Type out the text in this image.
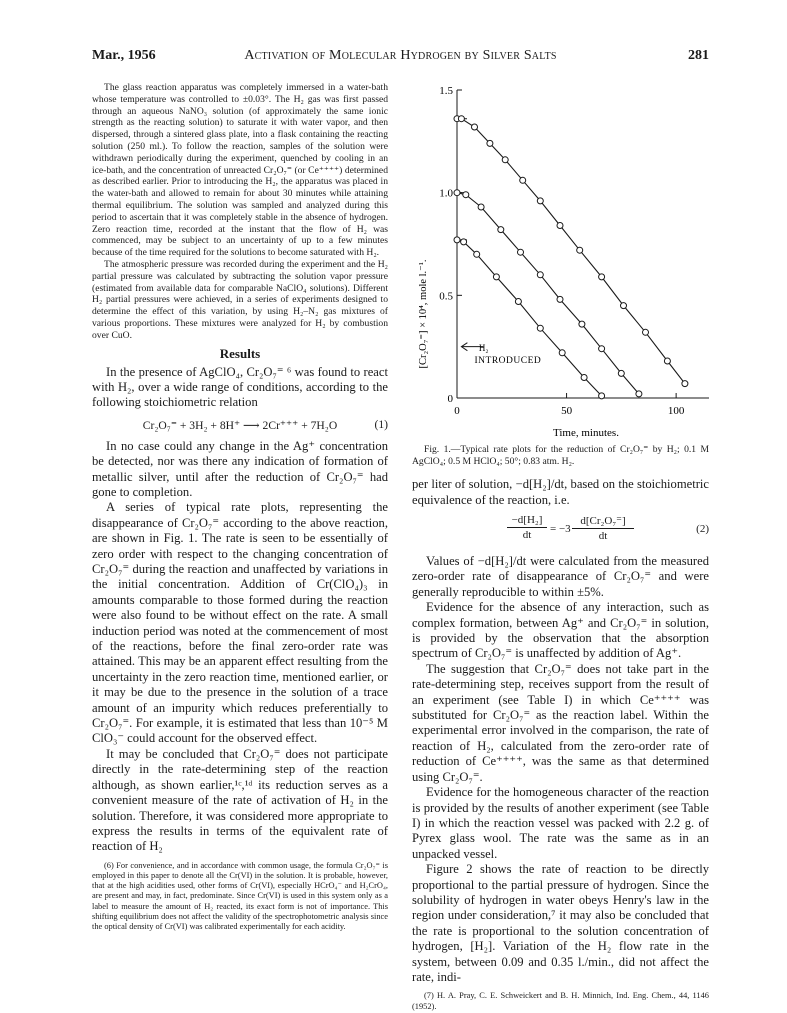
Mar., 1956	Activation of Molecular Hydrogen by Silver Salts	281

The glass reaction apparatus was completely immersed in a water-bath whose temperature was controlled to ±0.03°. The H₂ gas was first passed through an aqueous NaNO₃ solution (of approximately the same ionic strength as the reacting solution) to saturate it with water vapor, and then dispersed, through a sintered glass plate, into a flask containing the reacting solution (250 ml.). To follow the reaction, samples of the solution were withdrawn periodically during the experiment, quenched by cooling in an ice-bath, and the concentration of unreacted Cr₂O₇⁼ (or Ce⁺⁺⁺⁺) determined as described earlier. Prior to introducing the H₂, the apparatus was placed in the water-bath and allowed to remain for about 30 minutes while attaining thermal equilibrium. The solution was sampled and analyzed during this period to ascertain that it was completely stable in the absence of hydrogen. Zero reaction time, recorded at the instant that the flow of H₂ was commenced, may be subject to an uncertainty of up to a few minutes because of the time required for the solutions to become saturated with H₂.

The atmospheric pressure was recorded during the experiment and the H₂ partial pressure was calculated by subtracting the solution vapor pressure (estimated from available data for comparable NaClO₄ solutions). Different H₂ partial pressures were achieved, in a series of experiments designed to determine the effect of this variation, by using H₂–N₂ gas mixtures of various proportions. These mixtures were analyzed for H₂ by combustion over CuO.

Results

In the presence of AgClO₄, Cr₂O₇⁼ ⁶ was found to react with H₂, over a wide range of conditions, according to the following stoichiometric relation

Cr₂O₇⁼ + 3H₂ + 8H⁺ ⟶ 2Cr⁺⁺⁺ + 7H₂O	(1)

In no case could any change in the Ag⁺ concentration be detected, nor was there any indication of formation of metallic silver, until after the reduction of Cr₂O₇⁼ had gone to completion.

A series of typical rate plots, representing the disappearance of Cr₂O₇⁼ according to the above reaction, are shown in Fig. 1. The rate is seen to be essentially of zero order with respect to the changing concentration of Cr₂O₇⁼ during the reaction and unaffected by variations in the initial concentration. Addition of Cr(ClO₄)₃ in amounts comparable to those formed during the reaction were also found to be without effect on the rate. A small induction period was noted at the commencement of most of the reactions, before the final zero-order rate was attained. This may be an apparent effect resulting from the uncertainty in the zero reaction time, mentioned earlier, or it may be due to the presence in the solution of a trace amount of an impurity which reduces preferentially to Cr₂O₇⁼. For example, it is estimated that less than 10⁻⁵ M ClO₃⁻ could account for the observed effect.

It may be concluded that Cr₂O₇⁼ does not participate directly in the rate-determining step of the reaction although, as shown earlier,¹ᶜ,¹ᵈ its reduction serves as a convenient measure of the rate of activation of H₂ in the solution. Therefore, it was considered more appropriate to express the results in terms of the equivalent rate of reaction of H₂

(6) For convenience, and in accordance with common usage, the formula Cr₂O₇⁼ is employed in this paper to denote all the Cr(VI) in the solution. It is probable, however, that at the high acidities used, other forms of Cr(VI), especially HCrO₄⁻ and H₂CrO₄, are present and may, in fact, predominate. Since Cr(VI) is used in this system only as a label to measure the amount of H₂ reacted, its exact form is not of importance. This shifting equilibrium does not affect the validity of the spectrophotometric analysis since the optical density of Cr(VI) was calibrated experimentally for each acidity.

0
0.5
1.0
1.5
0	50	100
H₂
INTRODUCED
[Cr₂O₇⁼] × 10⁴, mole l.⁻¹.
Time, minutes.

Fig. 1.—Typical rate plots for the reduction of Cr₂O₇⁼ by H₂; 0.1 M AgClO₄; 0.5 M HClO₄; 50°; 0.83 atm. H₂.

per liter of solution, −d[H₂]/dt, based on the stoichiometric equivalence of the reaction, i.e.

$\frac{\text{−d[H₂]}}{dt} = -3 \frac{\text{d[Cr₂O₇⁼]}}{dt}$	(2)

Values of −d[H₂]/dt were calculated from the measured zero-order rate of disappearance of Cr₂O₇⁼ and were generally reproducible to within ±5%.

Evidence for the absence of any interaction, such as complex formation, between Ag⁺ and Cr₂O₇⁼ in solution, is provided by the observation that the absorption spectrum of Cr₂O₇⁼ is unaffected by addition of Ag⁺.

The suggestion that Cr₂O₇⁼ does not take part in the rate-determining step, receives support from the result of an experiment (see Table I) in which Ce⁺⁺⁺⁺ was substituted for Cr₂O₇⁼ as the reaction label. Within the experimental error involved in the comparison, the rate of reaction of H₂, calculated from the zero-order rate of reduction of Ce⁺⁺⁺⁺, was the same as that determined using Cr₂O₇⁼.

Evidence for the homogeneous character of the reaction is provided by the results of another experiment (see Table I) in which the reaction vessel was packed with 2.2 g. of Pyrex glass wool. The rate was the same as in an unpacked vessel.

Figure 2 shows the rate of reaction to be directly proportional to the partial pressure of hydrogen. Since the solubility of hydrogen in water obeys Henry's law in the region under consideration,⁷ it may also be concluded that the rate is proportional to the solution concentration of hydrogen, [H₂]. Variation of the H₂ flow rate in the system, between 0.09 and 0.35 l./min., did not affect the rate, indi-

(7) H. A. Pray, C. E. Schweickert and B. H. Minnich, Ind. Eng. Chem., 44, 1146 (1952).
